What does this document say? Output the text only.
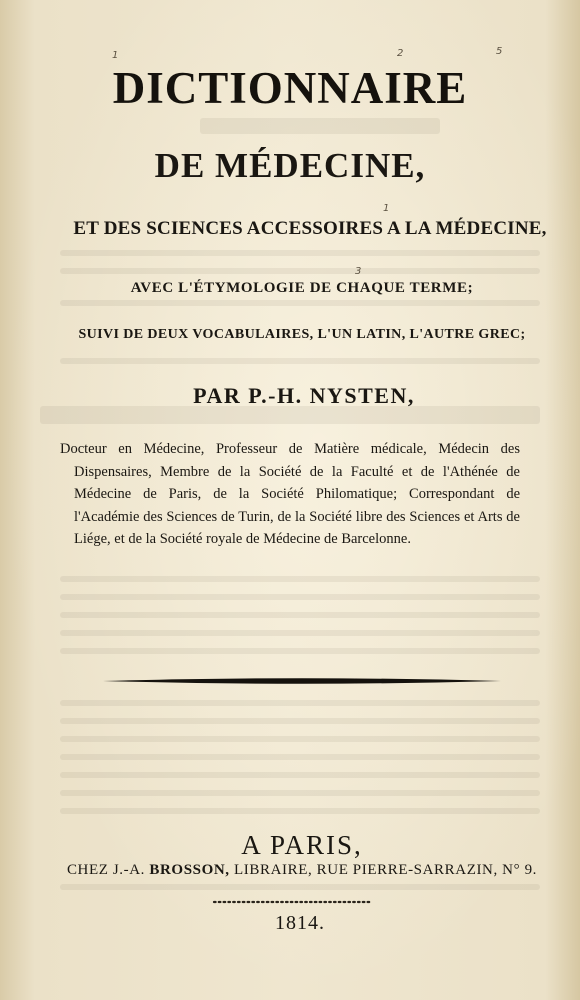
1	2	5
1
3
DICTIONNAIRE
DE MÉDECINE,
ET DES SCIENCES ACCESSOIRES A LA MÉDECINE,
AVEC L'ÉTYMOLOGIE DE CHAQUE TERME;
SUIVI DE DEUX VOCABULAIRES, L'UN LATIN, L'AUTRE GREC;
PAR P.-H. NYSTEN,
Docteur en Médecine, Professeur de Matière médicale, Médecin des Dispensaires, Membre de la Société de la Faculté et de l'Athénée de Médecine de Paris, de la Société Philomatique; Correspondant de l'Académie des Sciences de Turin, de la Société libre des Sciences et Arts de Liége, et de la Société royale de Médecine de Barcelonne.
A PARIS,
CHEZ J.-A. BROSSON, LIBRAIRE, RUE PIERRE-SARRAZIN, N° 9.
1814.
